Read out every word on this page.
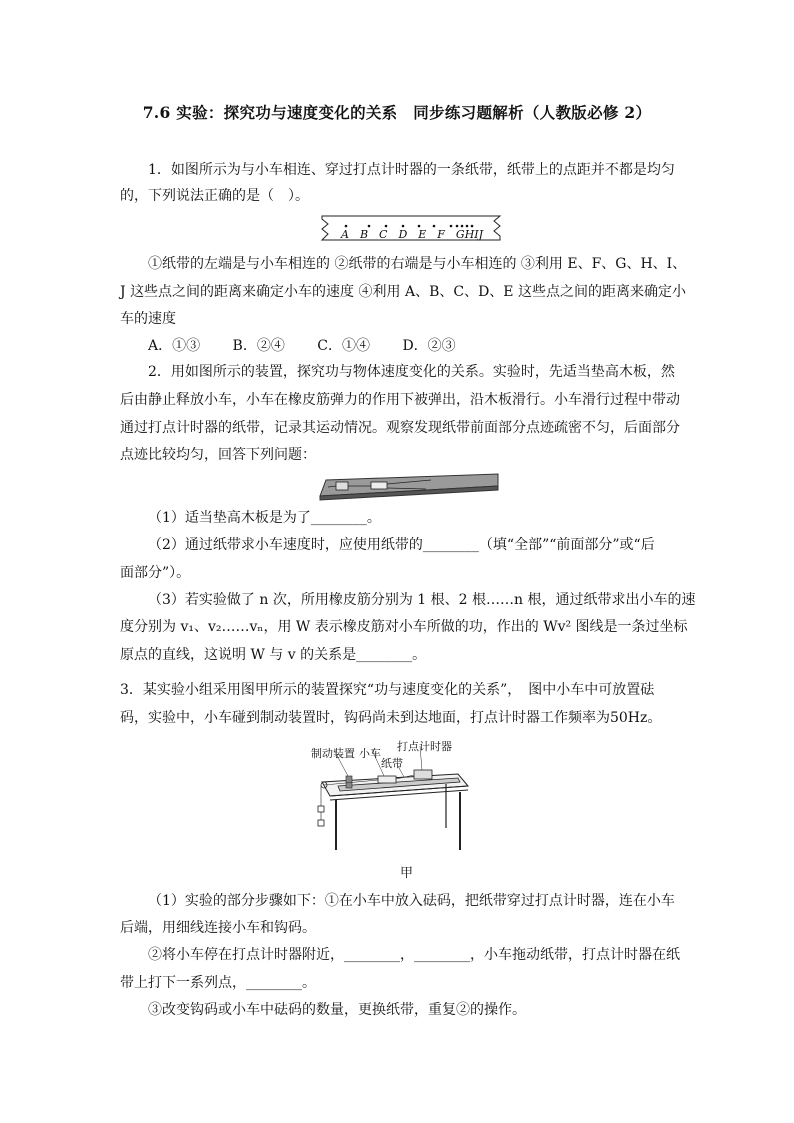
7.6 实验：探究功与速度变化的关系　同步练习题解析（人教版必修 2）
1．如图所示为与小车相连、穿过打点计时器的一条纸带，纸带上的点距并不都是均匀
的，下列说法正确的是（　）。
A　B　C　D　E　F　GHIJ
①纸带的左端是与小车相连的 ②纸带的右端是与小车相连的 ③利用 E、F、G、H、I、
J 这些点之间的距离来确定小车的速度 ④利用 A、B、C、D、E 这些点之间的距离来确定小
车的速度
A．①③　　 B．②④　　 C．①④　　 D．②③
2．用如图所示的装置，探究功与物体速度变化的关系。实验时，先适当垫高木板，然
后由静止释放小车，小车在橡皮筋弹力的作用下被弹出，沿木板滑行。小车滑行过程中带动
通过打点计时器的纸带，记录其运动情况。观察发现纸带前面部分点迹疏密不匀，后面部分
点迹比较均匀，回答下列问题：
（1）适当垫高木板是为了________。
（2）通过纸带求小车速度时，应使用纸带的________（填“全部”“前面部分”或“后
面部分”）。
（3）若实验做了 n 次，所用橡皮筋分别为 1 根、2 根……n 根，通过纸带求出小车的速
度分别为 v₁、v₂……vₙ，用 W 表示橡皮筋对小车所做的功，作出的 Wv² 图线是一条过坐标
原点的直线，这说明 W 与 v 的关系是________。
3．某实验小组采用图甲所示的装置探究“功与速度变化的关系”，　图中小车中可放置砝
码，实验中，小车碰到制动装置时，钩码尚未到达地面，打点计时器工作频率为50Hz。
制动装置 小车
打点计时器
纸带
甲
（1）实验的部分步骤如下：①在小车中放入砝码，把纸带穿过打点计时器，连在小车
后端，用细线连接小车和钩码。
②将小车停在打点计时器附近，________，________，小车拖动纸带，打点计时器在纸
带上打下一系列点，________。
③改变钩码或小车中砝码的数量，更换纸带，重复②的操作。
